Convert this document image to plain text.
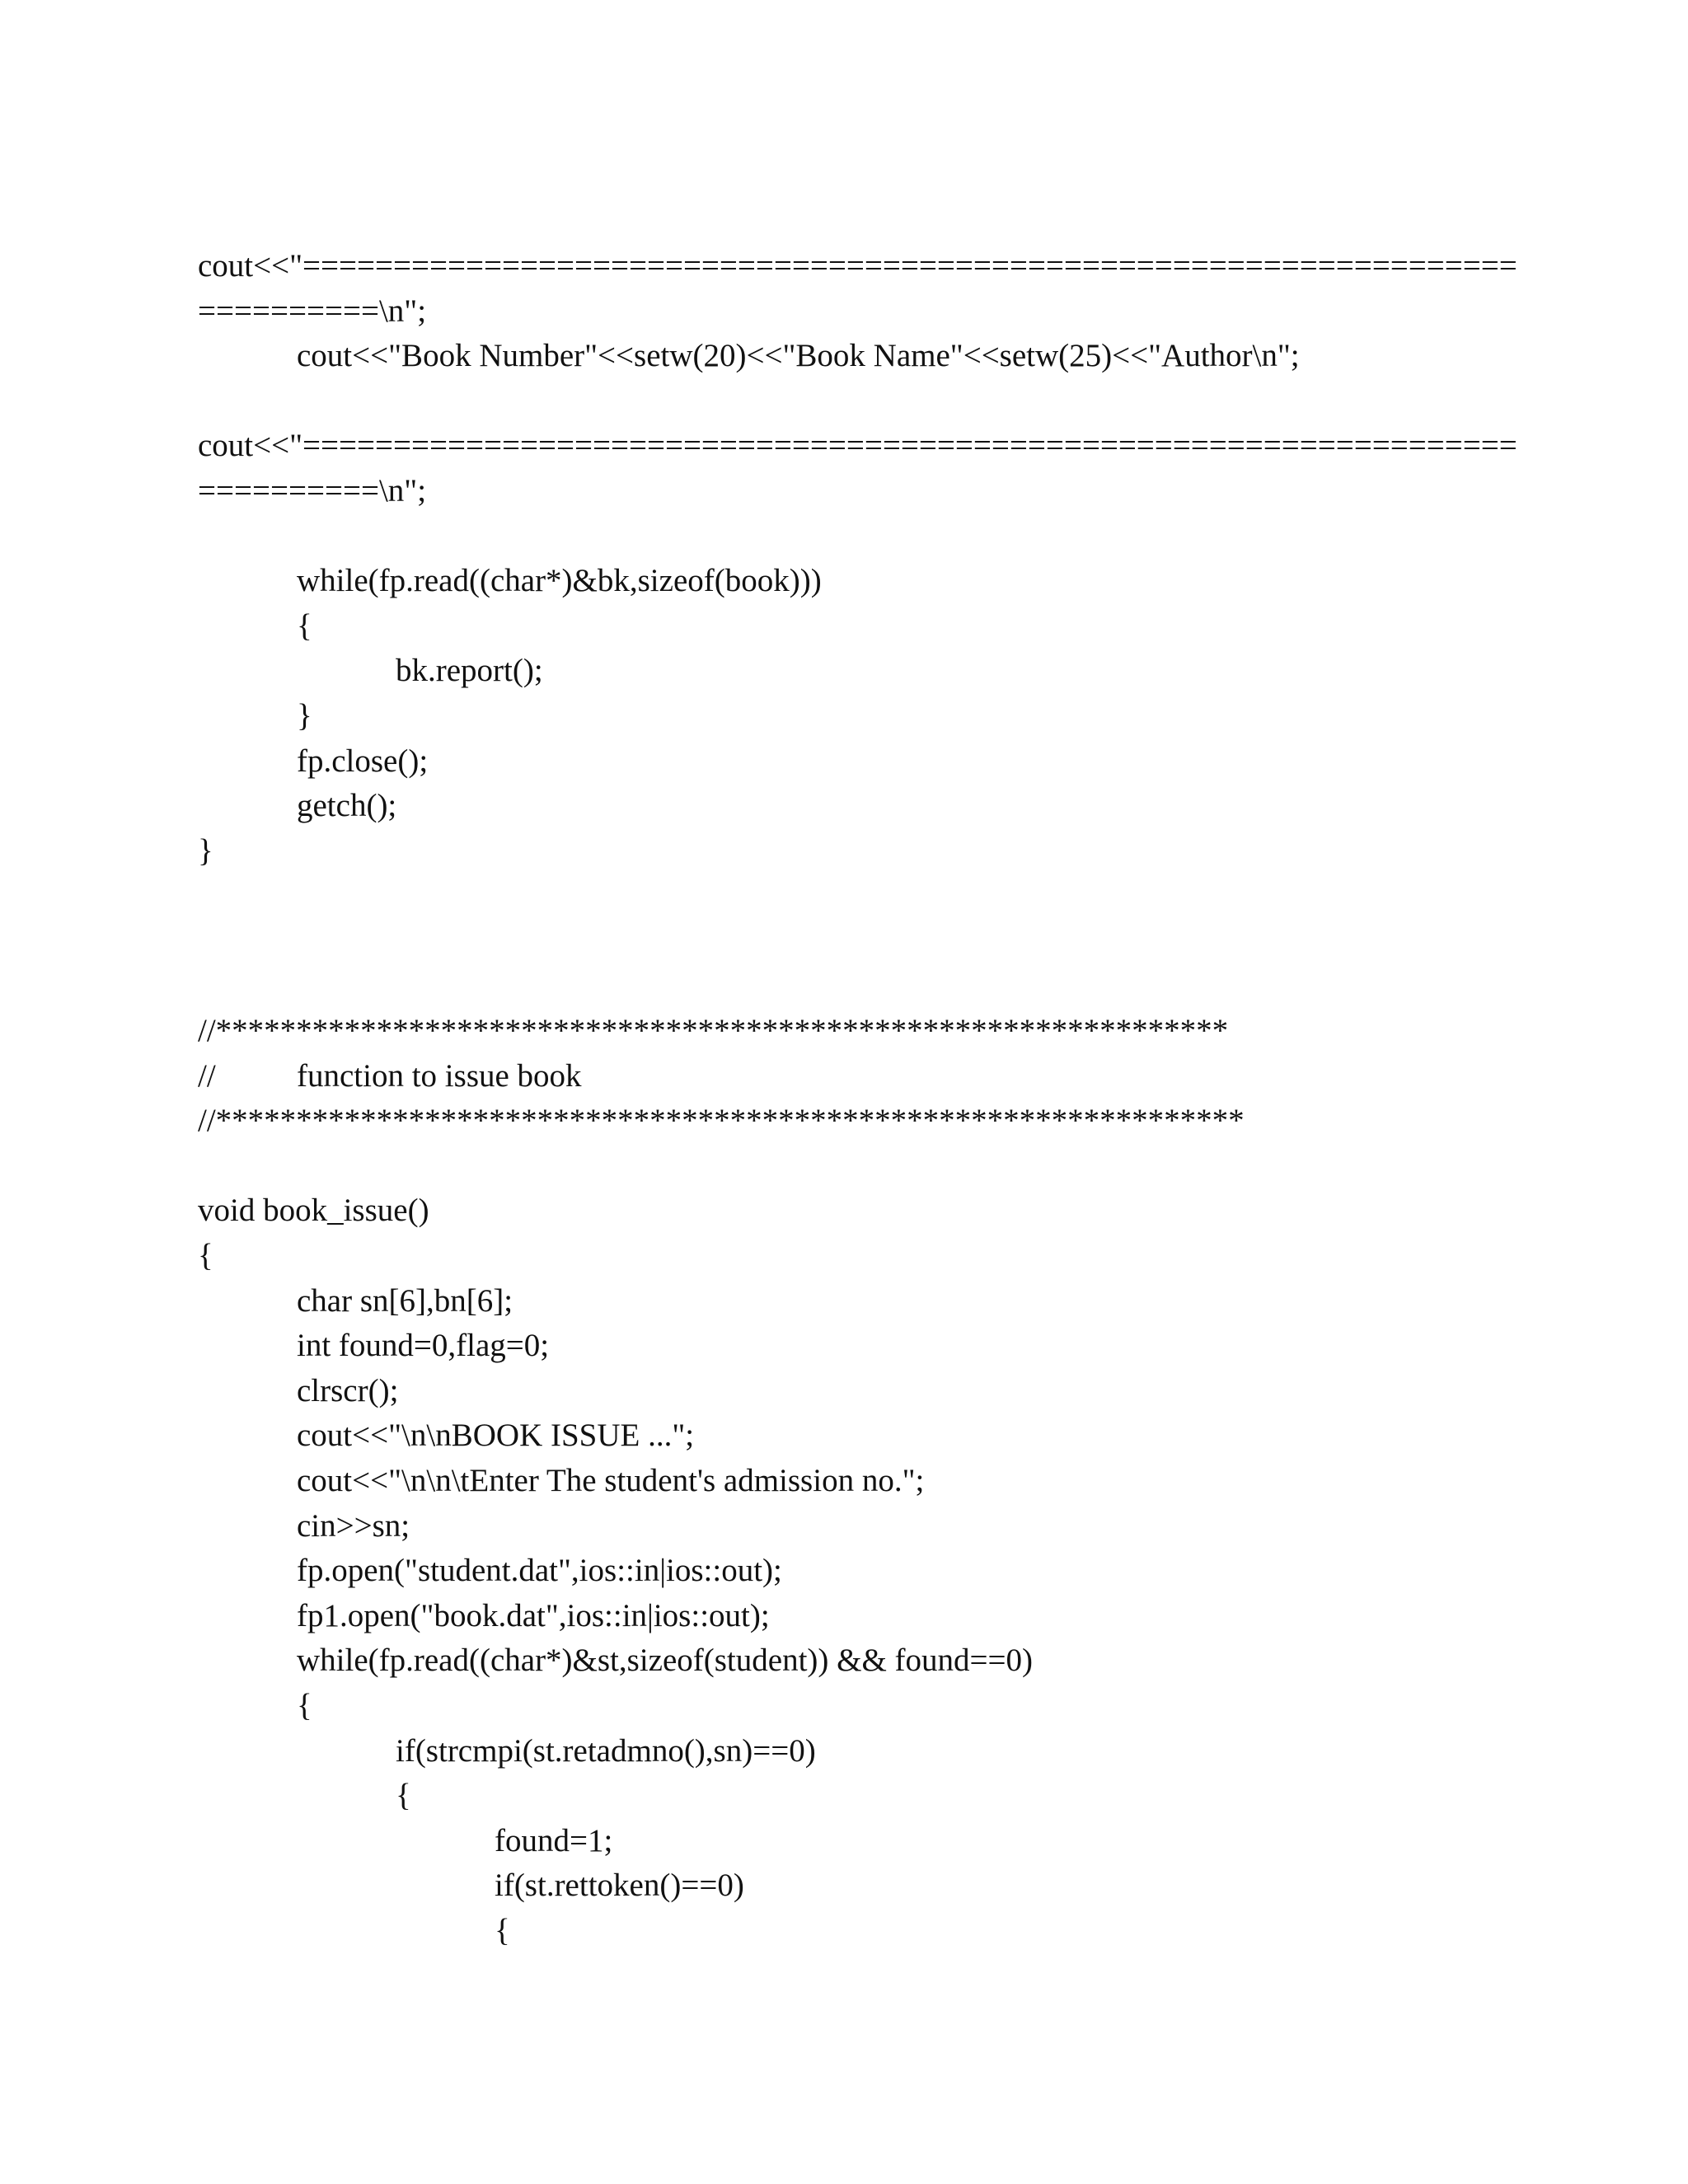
cout<<"===================================================================
==========\n";
cout<<"Book Number"<<setw(20)<<"Book Name"<<setw(25)<<"Author\n";
cout<<"===================================================================
==========\n";
while(fp.read((char*)&bk,sizeof(book)))
{
bk.report();
}
fp.close();
getch();
}
//***************************************************************
//	function to issue book
//****************************************************************
void book_issue()
{
char sn[6],bn[6];
int found=0,flag=0;
clrscr();
cout<<"\n\nBOOK ISSUE ...";
cout<<"\n\n\tEnter The student's admission no.";
cin>>sn;
fp.open("student.dat",ios::in|ios::out);
fp1.open("book.dat",ios::in|ios::out);
while(fp.read((char*)&st,sizeof(student)) && found==0)
{
if(strcmpi(st.retadmno(),sn)==0)
{
found=1;
if(st.rettoken()==0)
{
